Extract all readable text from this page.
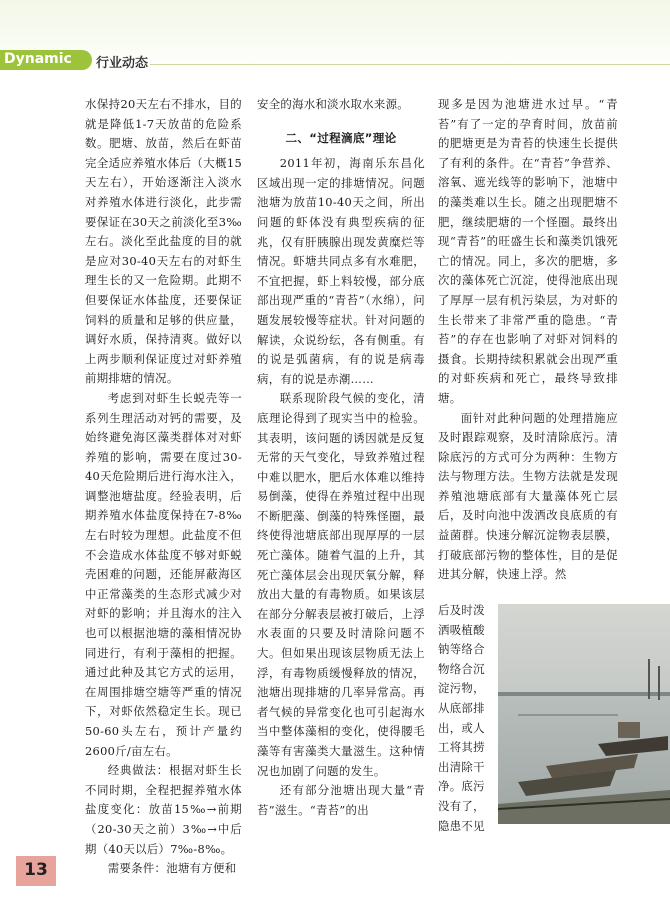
Dynamic 行业动态

水保持20天左右不排水，目的就是降低1-7天放苗的危险系数。肥塘、放苗，然后在虾苗完全适应养殖水体后（大概15天左右），开始逐渐注入淡水对养殖水体进行淡化，此步需要保证在30天之前淡化至3‰左右。淡化至此盐度的目的就是应对30-40天左右的对虾生理生长的又一危险期。此期不但要保证水体盐度，还要保证饲料的质量和足够的供应量，调好水质，保持清爽。做好以上两步顺利保证度过对虾养殖前期排塘的情况。

考虑到对虾生长蜕壳等一系列生理活动对钙的需要，及始终避免海区藻类群体对对虾养殖的影响，需要在度过30-40天危险期后进行海水注入，调整池塘盐度。经验表明，后期养殖水体盐度保持在7-8‰左右时较为理想。此盐度不但不会造成水体盐度不够对虾蜕壳困难的问题，还能屏蔽海区中正常藻类的生态形式减少对对虾的影响；并且海水的注入也可以根据池塘的藻相情况协同进行，有利于藻相的把握。通过此种及其它方式的运用，在周围排塘空塘等严重的情况下，对虾依然稳定生长。现已50-60头左右，预计产量约2600斤/亩左右。

经典做法：根据对虾生长不同时期，全程把握养殖水体盐度变化：放苗15‰→前期（20-30天之前）3‰→中后期（40天以后）7‰-8‰。

需要条件：池塘有方便和

安全的海水和淡水取水来源。

二、“过程滴底”理论

2011年初，海南乐东昌化区域出现一定的排塘情况。问题池塘为放苗10-40天之间，所出问题的虾体没有典型疾病的征兆，仅有肝胰腺出现发黄糜烂等情况。虾塘共同点多有水难肥，不宜把握，虾上料较慢，部分底部出现严重的“青苔”（水绵），问题发展较慢等症状。针对问题的解读，众说纷纭，各有侧重。有的说是弧菌病，有的说是病毒病，有的说是赤潮……

联系现阶段气候的变化，清底理论得到了现实当中的检验。其表明，该问题的诱因就是反复无常的天气变化，导致养殖过程中难以肥水，肥后水体难以维持易倒藻，使得在养殖过程中出现不断肥藻、倒藻的特殊怪圈，最终使得池塘底部出现厚厚的一层死亡藻体。随着气温的上升，其死亡藻体层会出现厌氧分解，释放出大量的有毒物质。如果该层在部分分解表层被打破后，上浮水表面的只要及时清除问题不大。但如果出现该层物质无法上浮，有毒物质缓慢释放的情况，池塘出现排塘的几率异常高。再者气候的异常变化也可引起海水当中整体藻相的变化，使得腰毛藻等有害藻类大量滋生。这种情况也加剧了问题的发生。

还有部分池塘出现大量“青苔”滋生。“青苔”的出

现多是因为池塘进水过早。“青苔”有了一定的孕育时间，放苗前的肥塘更是为青苔的快速生长提供了有利的条件。在“青苔”争营养、溶氧、遮光线等的影响下，池塘中的藻类难以生长。随之出现肥塘不肥，继续肥塘的一个怪圈。最终出现“青苔”的旺盛生长和藻类饥饿死亡的情况。同上，多次的肥塘，多次的藻体死亡沉淀，使得池底出现了厚厚一层有机污染层，为对虾的生长带来了非常严重的隐患。“青苔”的存在也影响了对虾对饲料的摄食。长期持续积累就会出现严重的对虾疾病和死亡，最终导致排塘。

面针对此种问题的处理措施应及时跟踪观察，及时清除底污。清除底污的方式可分为两种：生物方法与物理方法。生物方法就是发现养殖池塘底部有大量藻体死亡层后，及时向池中泼洒改良底质的有益菌群。快速分解沉淀物表层膜，打破底部污物的整体性，目的是促进其分解，快速上浮。然

后及时泼

洒吸植酸

钠等络合

物络合沉

淀污物，

从底部排

出，或人

工将其捞

出清除干

净。底污

没有了，

隐患不见

13
